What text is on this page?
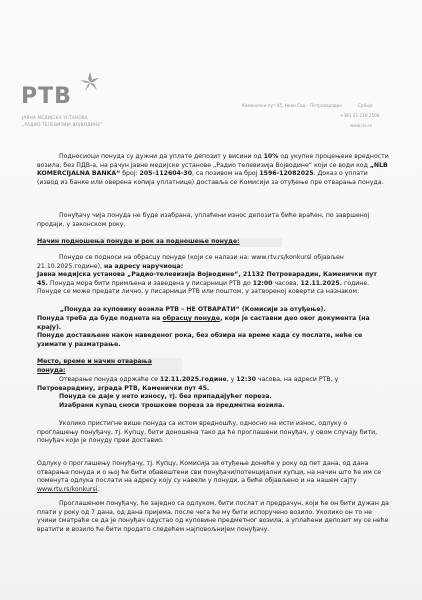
РТВ
ЈАВНА МЕДИЈСКА УСТАНОВА
„РАДИО-ТЕЛЕВИЗИЈА ВОЈВОДИНЕ“
Каменички пут 45, Нови Сад – Петроварадин	Србија
+381 21 210 2500
www.rtv.rs
Подносиоци понуда су дужни да уплате депозит у висини од 10% од укупне процењене вредности возила, без ПДВ-а, на рачун Јавне медијске установе „Радио телевизија Војводине“ који се води код „NLB KOMERCIJALNA BANKA“ број: 205-112604-30, са позивом на број 1596-12082025. Доказ о уплати (извод из банке или оверена копија уплатнице) доставља се Комисији за отуђење пре отварања понуда.
Понуђачу чија понуда не буде изабрана, уплаћени износ депозита биће враћен, по завршеној продаји, у законском року.
Начин подношења понуде и рок за подношење понуде:
Понуде се подноси на обрасцу понуде (који се налази на: www.rtv.rs/konkursi објављен 21.10.2025.године), на адресу наручиоца:
Јавна медијска установа „Радио-телевизија Војводине“, 21132 Петроварадин, Каменички пут 45. Понуда мора бити примљена и заведена у писарници РТВ до 12:00 часова, 12.11.2025. године. Понуде се може предати лично, у писарници РТВ или поштом, у затвореној коверти са назнаком:
„Понуда за куповину возила РТВ – НЕ ОТВАРАТИ“ (Комисији за отуђење).
Понуда треба да буде поднета на обрасцу понуде, који је саставни део овог документа (на крају).
Понуде достављене након наведеног рока, без обзира на време када су послате, неће се узимати у разматрање.
Место, време и начин отварања понуда:
Отварање понуда одржаће се 12.11.2025.године, у 12:30 часова, на адреси РТВ, у Петроварадину, зграда РТВ, Каменички пут 45.
Понуда се даје у нето износу, тј. без припадајућег пореза.
Изабрани купац сноси трошкове пореза за предметна возила.
Уколико пристигне више понуда са истом вредношћу, односно на исти износ, одлуку о проглашењу понуђачу, тј. Купцу, бити доношена тако да ће проглашени понуђач, у овом случају бити, понуђач који је понуду први доставио.
Одлуку о проглашењу понуђачу, тј. Купцу, Комисија за отуђење донеће у року од пет дана, од дана отварања понуда и о њој ће бити обавештени сви понуђачи/потенцијални купци, на начин што ће им се поменута одлука послати на адресу коју су навели у понуди, а биће објављено и на нашем сајту www.rtv.rs/konkursi.
Проглашеном понуђачу, ће заједно са одлуком, бити послат и предрачун, који ће он бити дужан да плати у року од 7 дана, од дана пријема, после чега ће му бити испоручено возило. Уколико он то не учини сматраће се да је понуђач одустао од куповине предметног возила, а уплаћени депозит му се неће вратити и возило ће бити продато следећем најповољнијем понуђачу.
